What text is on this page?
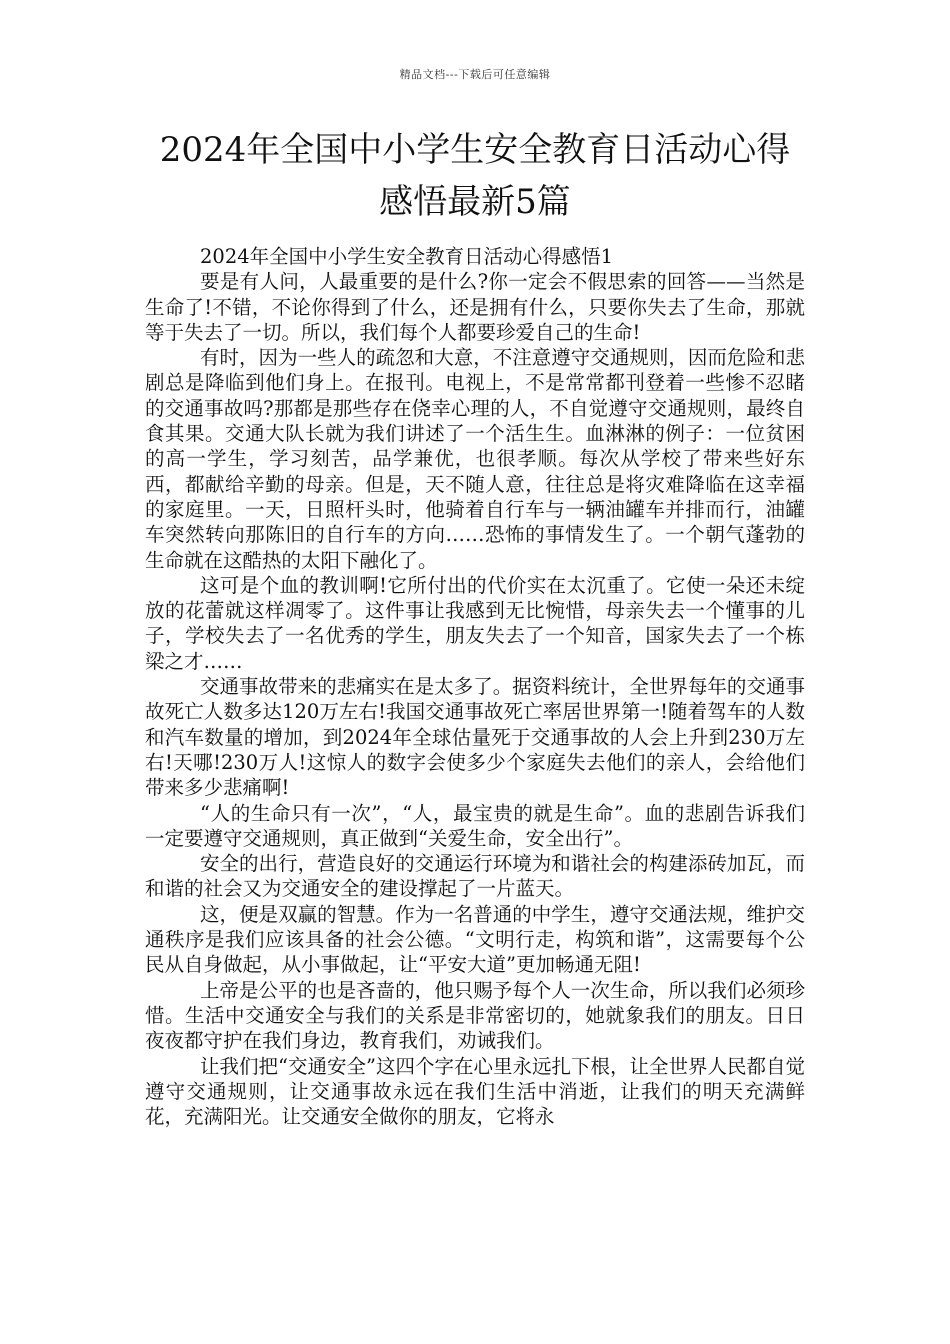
精品文档---下载后可任意编辑
2024年全国中小学生安全教育日活动心得
感悟最新5篇

2024年全国中小学生安全教育日活动心得感悟1

要是有人问，人最重要的是什么?你一定会不假思索的回答——当然是生命了!不错，不论你得到了什么，还是拥有什么，只要你失去了生命，那就等于失去了一切。所以，我们每个人都要珍爱自己的生命!

有时，因为一些人的疏忽和大意，不注意遵守交通规则，因而危险和悲剧总是降临到他们身上。在报刊。电视上，不是常常都刊登着一些惨不忍睹的交通事故吗?那都是那些存在侥幸心理的人，不自觉遵守交通规则，最终自食其果。交通大队长就为我们讲述了一个活生生。血淋淋的例子：一位贫困的高一学生，学习刻苦，品学兼优，也很孝顺。每次从学校了带来些好东西，都献给辛勤的母亲。但是，天不随人意，往往总是将灾难降临在这幸福的家庭里。一天，日照杆头时，他骑着自行车与一辆油罐车并排而行，油罐车突然转向那陈旧的自行车的方向……恐怖的事情发生了。一个朝气蓬勃的生命就在这酷热的太阳下融化了。

这可是个血的教训啊!它所付出的代价实在太沉重了。它使一朵还未绽放的花蕾就这样凋零了。这件事让我感到无比惋惜，母亲失去一个懂事的儿子，学校失去了一名优秀的学生，朋友失去了一个知音，国家失去了一个栋梁之才……

交通事故带来的悲痛实在是太多了。据资料统计，全世界每年的交通事故死亡人数多达120万左右!我国交通事故死亡率居世界第一!随着驾车的人数和汽车数量的增加，到2024年全球估量死于交通事故的人会上升到230万左右!天哪!230万人!这惊人的数字会使多少个家庭失去他们的亲人，会给他们带来多少悲痛啊!

“人的生命只有一次”，“人，最宝贵的就是生命”。血的悲剧告诉我们一定要遵守交通规则，真正做到“关爱生命，安全出行”。

安全的出行，营造良好的交通运行环境为和谐社会的构建添砖加瓦，而和谐的社会又为交通安全的建设撑起了一片蓝天。

这，便是双赢的智慧。作为一名普通的中学生，遵守交通法规，维护交通秩序是我们应该具备的社会公德。“文明行走，构筑和谐”，这需要每个公民从自身做起，从小事做起，让“平安大道”更加畅通无阻!

上帝是公平的也是吝啬的，他只赐予每个人一次生命，所以我们必须珍惜。生活中交通安全与我们的关系是非常密切的，她就象我们的朋友。日日夜夜都守护在我们身边，教育我们，劝诫我们。

让我们把“交通安全”这四个字在心里永远扎下根，让全世界人民都自觉遵守交通规则，让交通事故永远在我们生活中消逝，让我们的明天充满鲜花，充满阳光。让交通安全做你的朋友，它将永
